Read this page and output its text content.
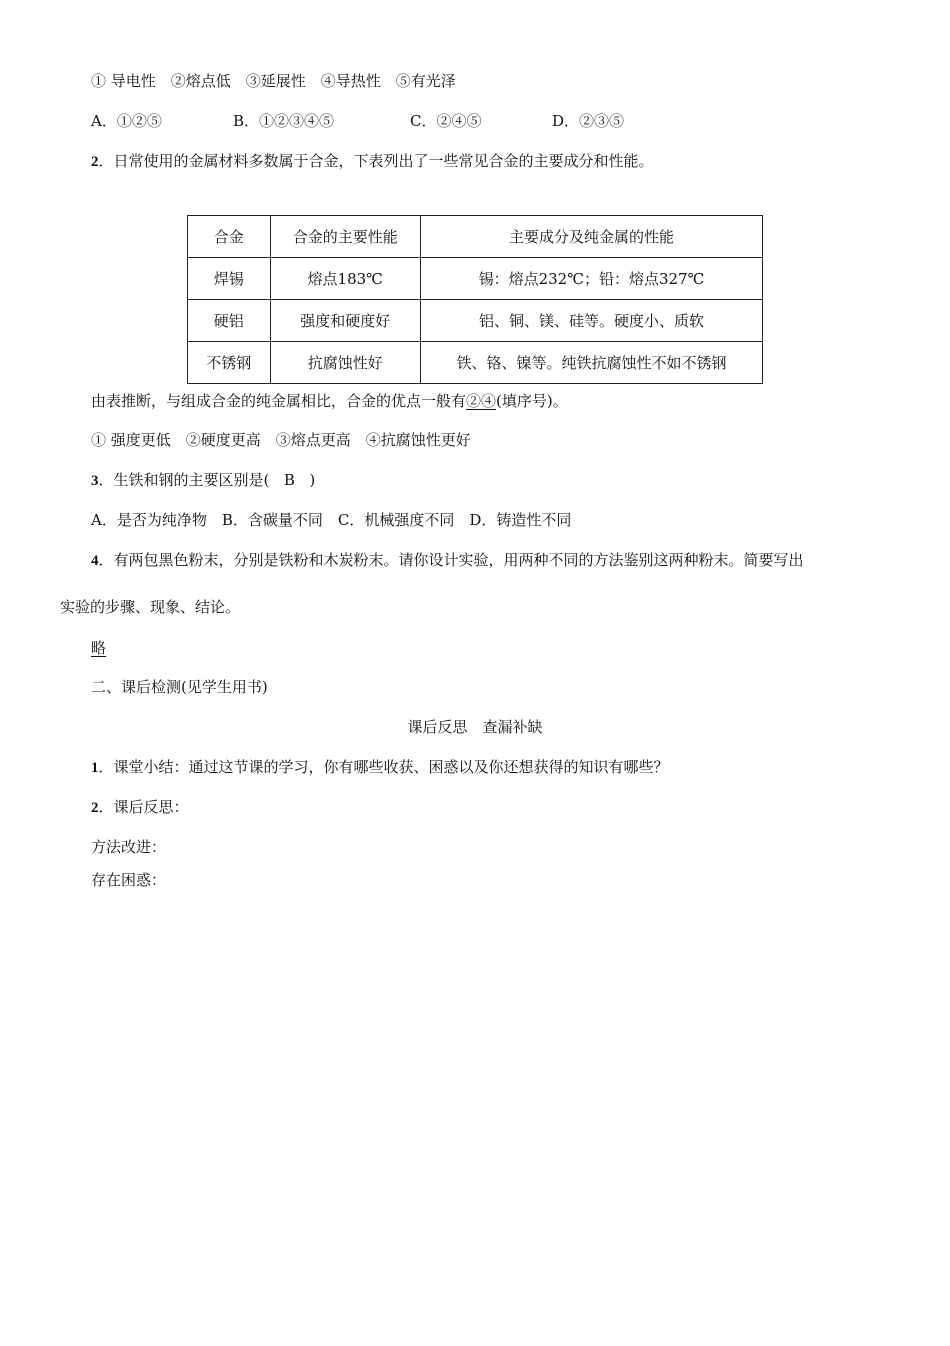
① 导电性　②熔点低　③延展性　④导热性　⑤有光泽
A．①②⑤	B．①②③④⑤	C．②④⑤	D．②③⑤
2．日常使用的金属材料多数属于合金，下表列出了一些常见合金的主要成分和性能。
合金	合金的主要性能	主要成分及纯金属的性能
焊锡	熔点183℃	锡：熔点232℃；铅：熔点327℃
硬铝	强度和硬度好	铝、铜、镁、硅等。硬度小、质软
不锈钢	抗腐蚀性好	铁、铬、镍等。纯铁抗腐蚀性不如不锈钢
由表推断，与组成合金的纯金属相比，合金的优点一般有②④(填序号)。
① 强度更低　②硬度更高　③熔点更高　④抗腐蚀性更好
3．生铁和钢的主要区别是( B )
A．是否为纯净物　B．含碳量不同　C．机械强度不同　D．铸造性不同
4．有两包黑色粉末，分别是铁粉和木炭粉末。请你设计实验，用两种不同的方法鉴别这两种粉末。简要写出
实验的步骤、现象、结论。
略
二、课后检测(见学生用书)
课后反思　查漏补缺
1．课堂小结：通过这节课的学习，你有哪些收获、困惑以及你还想获得的知识有哪些？
2．课后反思：
方法改进：
存在困惑：
